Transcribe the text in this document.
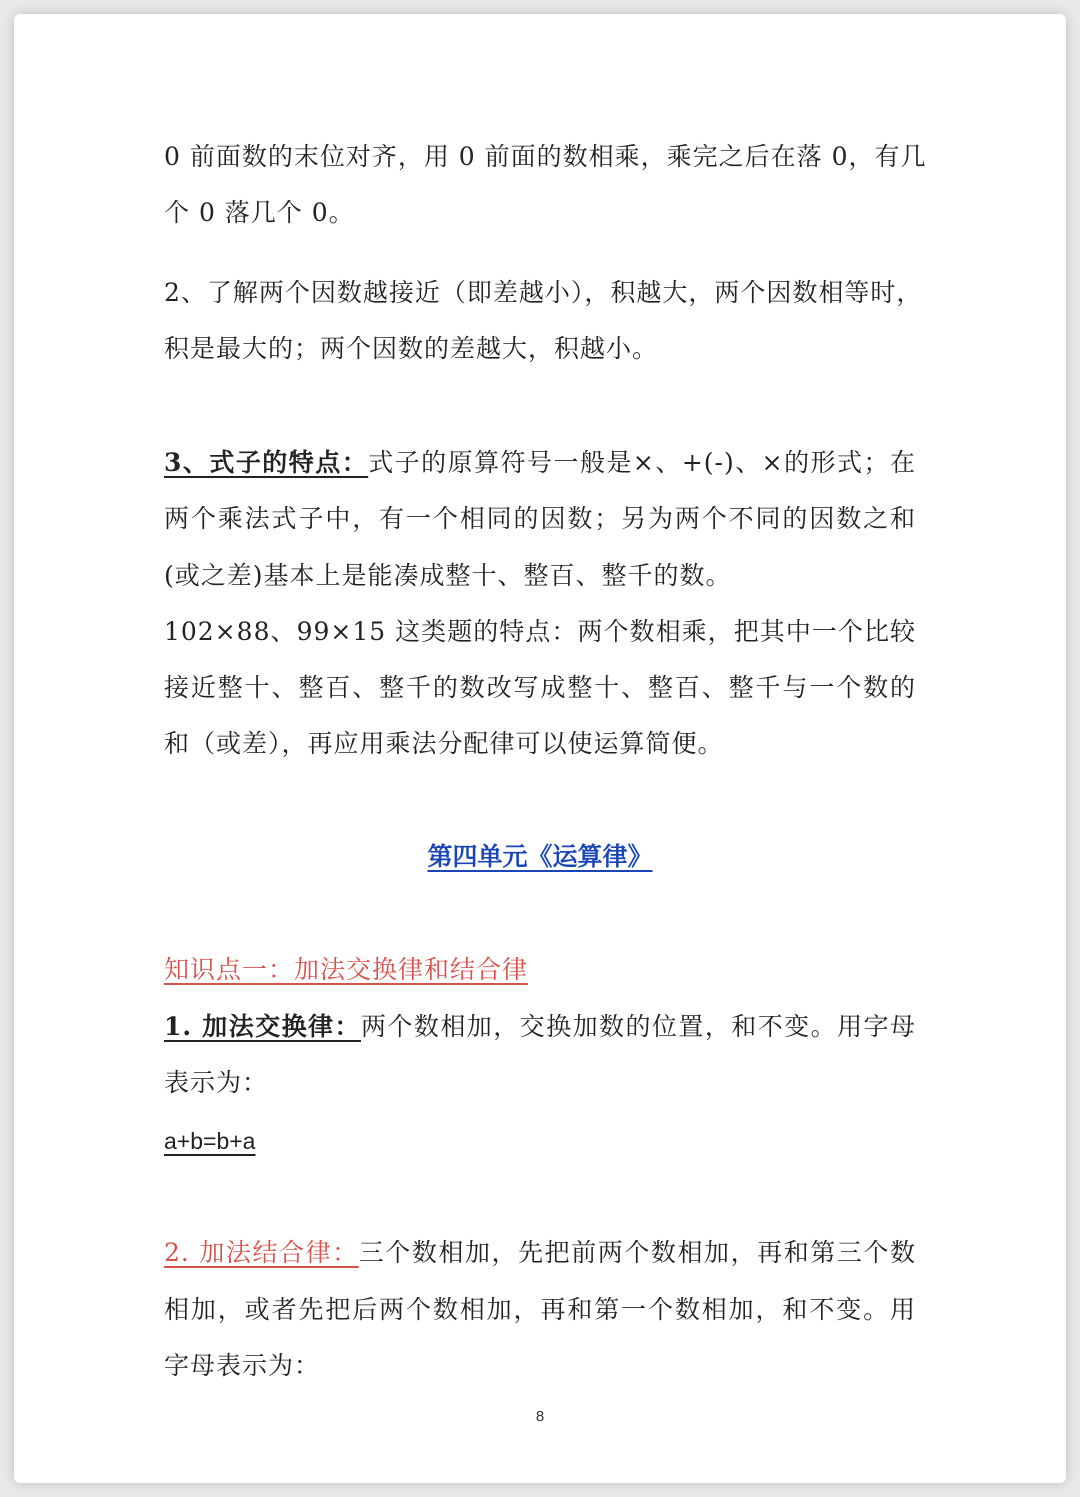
0 前面数的末位对齐，用 0 前面的数相乘，乘完之后在落 0，有几
个 0 落几个 0。
2、了解两个因数越接近（即差越小），积越大，两个因数相等时，
积是最大的；两个因数的差越大，积越小。
3、式子的特点：式子的原算符号一般是×、+(-)、×的形式；在
两个乘法式子中，有一个相同的因数；另为两个不同的因数之和
(或之差)基本上是能凑成整十、整百、整千的数。
102×88、99×15 这类题的特点：两个数相乘，把其中一个比较
接近整十、整百、整千的数改写成整十、整百、整千与一个数的
和（或差），再应用乘法分配律可以使运算简便。
第四单元《运算律》
知识点一：加法交换律和结合律
1. 加法交换律：两个数相加，交换加数的位置，和不变。用字母
表示为：
a+b=b+a
2. 加法结合律：三个数相加，先把前两个数相加，再和第三个数
相加，或者先把后两个数相加，再和第一个数相加，和不变。用
字母表示为：
8
